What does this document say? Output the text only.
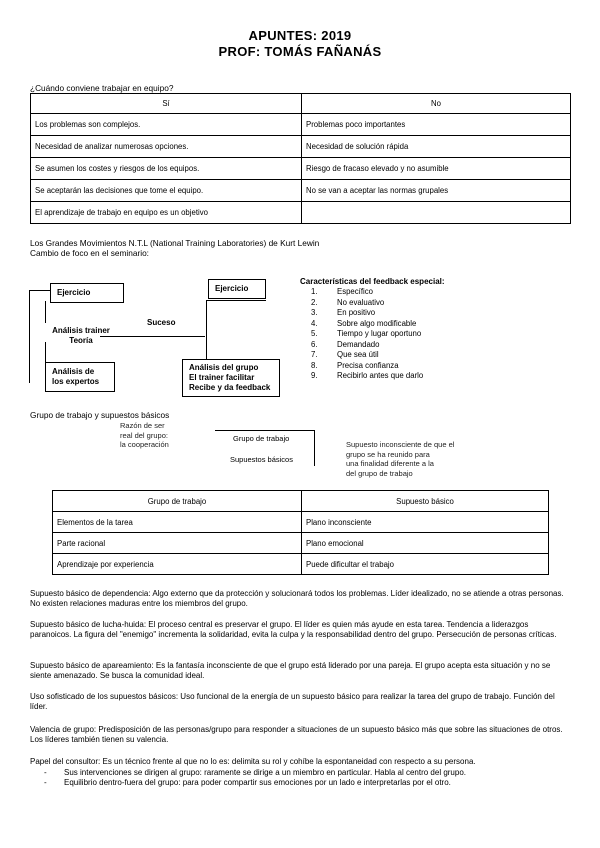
APUNTES: 2019
PROF: TOMÁS FAÑANÁS
¿Cuándo conviene trabajar en equipo?
Sí	No
Los problemas son complejos.	Problemas poco importantes
Necesidad de analizar numerosas opciones.	Necesidad de solución rápida
Se asumen los costes y riesgos de los equipos.	Riesgo de fracaso elevado y no asumible
Se aceptarán las decisiones que tome el equipo.	No se van a aceptar las normas grupales
El aprendizaje de trabajo en equipo es un objetivo	
Los Grandes Movimientos N.T.L (National Training Laboratories) de Kurt Lewin
Cambio de foco en el seminario:
Ejercicio	Ejercicio
Análisis trainer
Teoría
Suceso
Análisis de
los expertos
Análisis del grupo
El trainer facilitar
Recibe y da feedback
Características del feedback especial:
1. Específico
2. No evaluativo
3. En positivo
4. Sobre algo modificable
5. Tiempo y lugar oportuno
6. Demandado
7. Que sea útil
8. Precisa confianza
9. Recibirlo antes que darlo
Grupo de trabajo y supuestos básicos
Razón de ser
real del grupo:
la cooperación
Grupo de trabajo
Supuestos básicos
Supuesto inconsciente de que el
grupo se ha reunido para
una finalidad diferente a la
del grupo de trabajo
Grupo de trabajo	Supuesto básico
Elementos de la tarea	Plano inconsciente
Parte racional	Plano emocional
Aprendizaje por experiencia	Puede dificultar el trabajo
Supuesto básico de dependencia: Algo externo que da protección y solucionará todos los problemas. Líder idealizado, no se atiende a otras personas. No existen relaciones maduras entre los miembros del grupo.
Supuesto básico de lucha-huida: El proceso central es preservar el grupo. El líder es quien más ayude en esta tarea. Tendencia a liderazgos paranoicos. La figura del "enemigo" incrementa la solidaridad, evita la culpa y la responsabilidad dentro del grupo. Persecución de personas críticas.
Supuesto básico de apareamiento: Es la fantasía inconsciente de que el grupo está liderado por una pareja. El grupo acepta esta situación y no se siente amenazado. Se busca la comunidad ideal.
Uso sofisticado de los supuestos básicos: Uso funcional de la energía de un supuesto básico para realizar la tarea del grupo de trabajo. Función del líder.
Valencia de grupo: Predisposición de las personas/grupo para responder a situaciones de un supuesto básico más que sobre las situaciones de otros. Los líderes también tienen su valencia.
Papel del consultor: Es un técnico frente al que no lo es: delimita su rol y cohíbe la espontaneidad con respecto a su persona.
- Sus intervenciones se dirigen al grupo: raramente se dirige a un miembro en particular. Habla al centro del grupo.
- Equilibrio dentro-fuera del grupo: para poder compartir sus emociones por un lado e interpretarlas por el otro.
